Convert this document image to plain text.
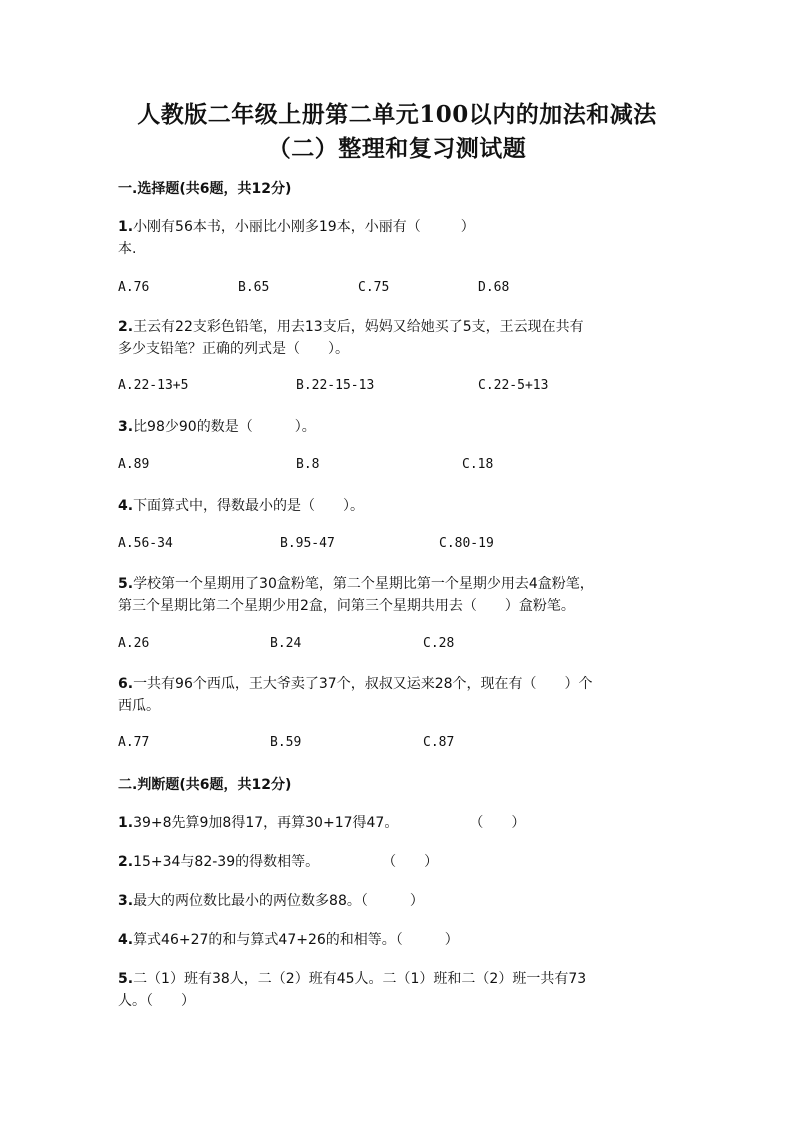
人教版二年级上册第二单元100以内的加法和减法
（二）整理和复习测试题
一.选择题(共6题，共12分)
1.小刚有56本书，小丽比小刚多19本，小丽有（	）
本.
A.76	B.65	C.75	D.68
2.王云有22支彩色铅笔，用去13支后，妈妈又给她买了5支，王云现在共有
多少支铅笔？正确的列式是（　　）。
A.22-13+5	B.22-15-13	C.22-5+13
3.比98少90的数是（　　　）。
A.89	B.8	C.18
4.下面算式中，得数最小的是（　　）。
A.56-34	B.95-47	C.80-19
5.学校第一个星期用了30盒粉笔，第二个星期比第一个星期少用去4盒粉笔，
第三个星期比第二个星期少用2盒，问第三个星期共用去（　　）盒粉笔。
A.26	B.24	C.28
6.一共有96个西瓜，王大爷卖了37个，叔叔又运来28个，现在有（　　）个
西瓜。
A.77	B.59	C.87
二.判断题(共6题，共12分)
1.39+8先算9加8得17，再算30+17得47。	（　　）
2.15+34与82-39的得数相等。	（　　）
3.最大的两位数比最小的两位数多88。（　　　）
4.算式46+27的和与算式47+26的和相等。（　　　）
5.二（1）班有38人，二（2）班有45人。二（1）班和二（2）班一共有73
人。（　　）
